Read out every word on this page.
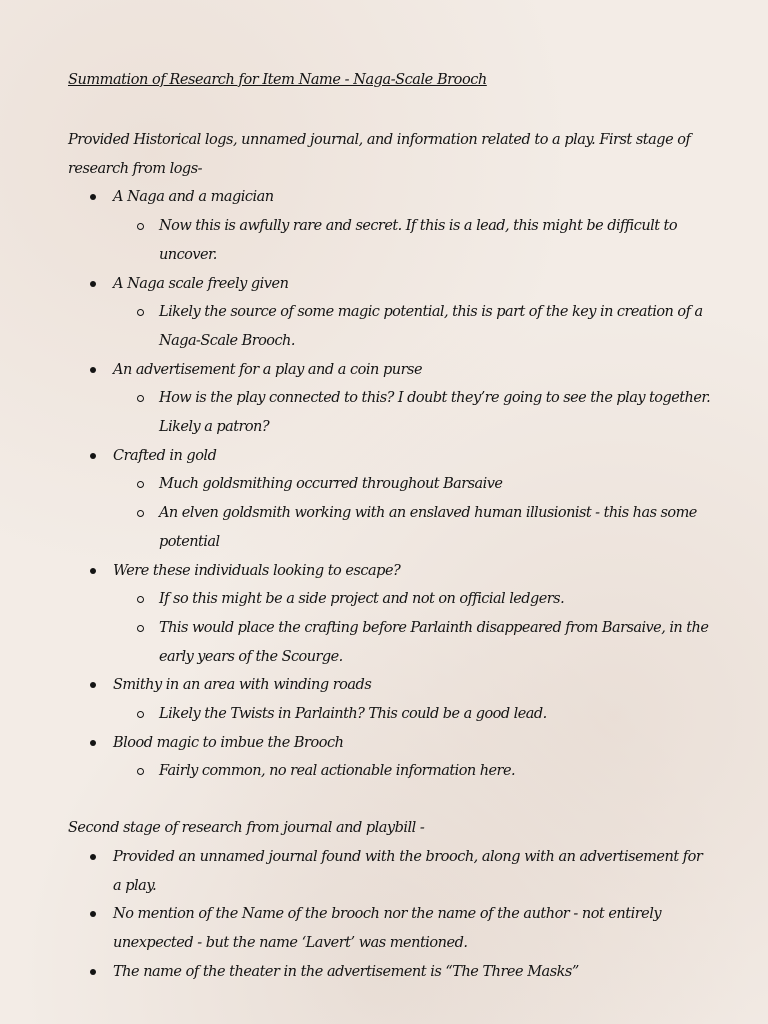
Summation of Research for Item Name - Naga-Scale Brooch

Provided Historical logs, unnamed journal, and information related to a play. First stage of research from logs-

A Naga and a magician
Now this is awfully rare and secret. If this is a lead, this might be difficult to uncover.
A Naga scale freely given
Likely the source of some magic potential, this is part of the key in creation of a Naga-Scale Brooch.
An advertisement for a play and a coin purse
How is the play connected to this? I doubt they’re going to see the play together. Likely a patron?
Crafted in gold
Much goldsmithing occurred throughout Barsaive
An elven goldsmith working with an enslaved human illusionist - this has some potential
Were these individuals looking to escape?
If so this might be a side project and not on official ledgers.
This would place the crafting before Parlainth disappeared from Barsaive, in the early years of the Scourge.
Smithy in an area with winding roads
Likely the Twists in Parlainth? This could be a good lead.
Blood magic to imbue the Brooch
Fairly common, no real actionable information here.

Second stage of research from journal and playbill -

Provided an unnamed journal found with the brooch, along with an advertisement for a play.
No mention of the Name of the brooch nor the name of the author - not entirely unexpected - but the name ‘Lavert’ was mentioned.
The name of the theater in the advertisement is “The Three Masks”
